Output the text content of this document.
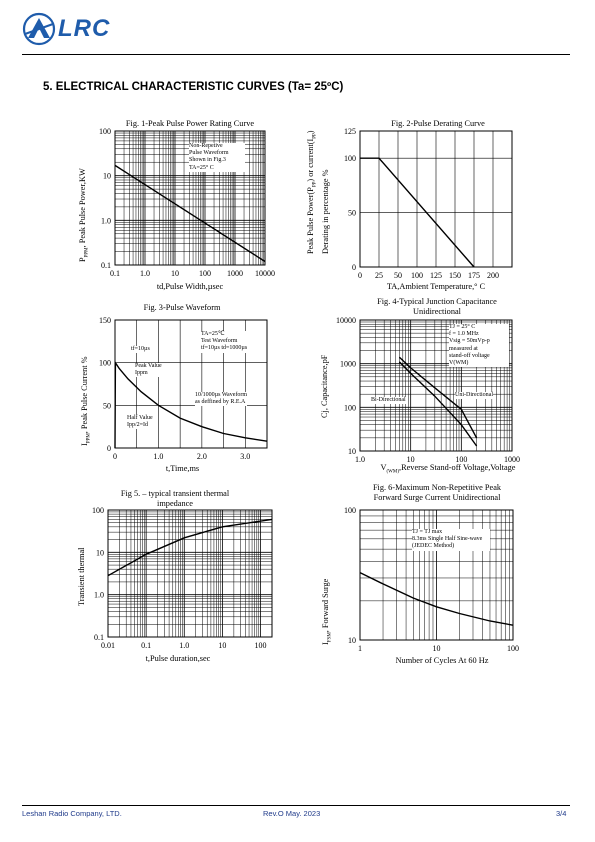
LRC
5. ELECTRICAL CHARACTERISTIC CURVES (Ta= 25ºC)
Fig. 1-Peak Pulse Power Rating Curve
0.1	1.0	10	100 1000 10000
0.1
1.0
10
100
td,Pulse Width,µsec
$P_{PPM}$, Peak Pulse Power,KW
Non-Repetive
Pulse Waveform
Shown in Fig.3
TA=25° C
Fig. 2-Pulse Derating Curve
0 25 50 100 125 150 175 200
0
50
100
125
TA,Ambient Temperature,° C
Peak Pulse $Power(P_{PP})$ or $current(I_{PP})$
Derating in percentage %
Fig. 3-Pulse Waveform
0	1.0	2.0	3.0
0
50
100
150
t,Time,ms
$I_{PPM}$, Peak Pulse Current %
TA=25℃
Test Waveform
tf=10µs td=1000µs
tf=10µs
Peak Value
Ippm
10/1000µs Waveform
as deffined by R.E.A
Half Value
Ipp/2=Id
Fig. 4-Typical Junction Capacitance
Unidirectional
1.0	10	100	1000
10
100
1000
10000
$V_{(WM)},Reverse$ Stand-off Voltage,Voltage
Cj, Capacitance,pF
TJ = 25° C
f = 1.0 MHz
Vsig = 50mVp-p
measured at
stand-off voltage
V(WM)
Bi-Directional
Uni-Directional
Fig 5. – typical transient thermal
impedance
0.01	0.1	1.0	10	100
0.1
1.0
10
100
t,Pulse duration,sec
Transient thermal
Fig. 6-Maximum Non-Repetitive Peak
Forward Surge Current Unidirectional
1	10	100
10
100
Number of Cycles At 60 Hz
$I_{FSM}$, Forward Surge
TJ = TJ max
8.3ms Single Half Sine-wave
(JEDEC Method)
Leshan Radio Company, LTD.	Rev.O May. 2023	3/4
